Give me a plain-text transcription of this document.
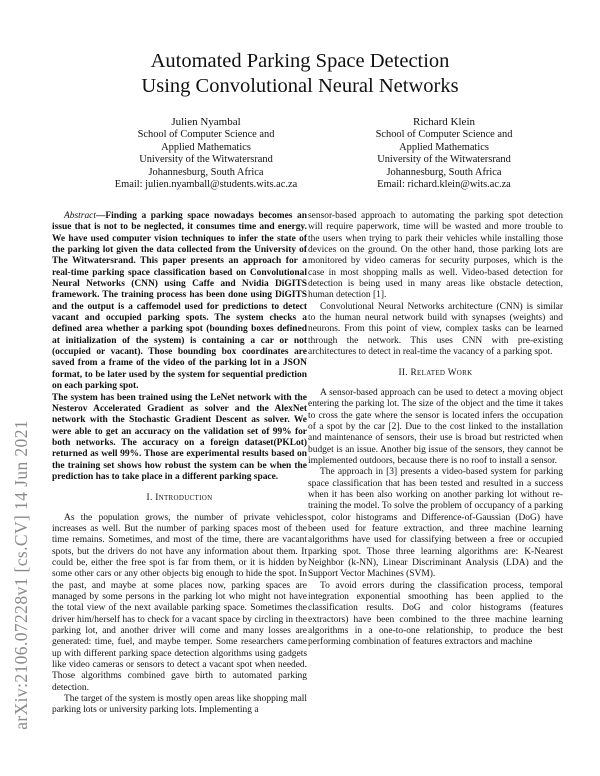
arXiv:2106.07228v1 [cs.CV] 14 Jun 2021
Automated Parking Space Detection
Using Convolutional Neural Networks
Julien Nyambal
School of Computer Science and
Applied Mathematics
University of the Witwatersrand
Johannesburg, South Africa
Email: julien.nyamball@students.wits.ac.za
Richard Klein
School of Computer Science and
Applied Mathematics
University of the Witwatersrand
Johannesburg, South Africa
Email: richard.klein@wits.ac.za

Abstract—Finding a parking space nowadays becomes an issue that is not to be neglected, it consumes time and energy. We have used computer vision techniques to infer the state of the parking lot given the data collected from the University of The Witwatersrand. This paper presents an approach for a real-time parking space classification based on Convolutional Neural Networks (CNN) using Caffe and Nvidia DiGITS framework. The training process has been done using DiGITS and the output is a caffemodel used for predictions to detect vacant and occupied parking spots. The system checks a defined area whether a parking spot (bounding boxes defined at initialization of the system) is containing a car or not (occupied or vacant). Those bounding box coordinates are saved from a frame of the video of the parking lot in a JSON format, to be later used by the system for sequential prediction on each parking spot.

The system has been trained using the LeNet network with the Nesterov Accelerated Gradient as solver and the AlexNet network with the Stochastic Gradient Descent as solver. We were able to get an accuracy on the validation set of 99% for both networks. The accuracy on a foreign dataset(PKLot) returned as well 99%. Those are experimental results based on the training set shows how robust the system can be when the prediction has to take place in a different parking space.

I. Introduction

As the population grows, the number of private vehicles increases as well. But the number of parking spaces most of the time remains. Sometimes, and most of the time, there are vacant spots, but the drivers do not have any information about them. It could be, either the free spot is far from them, or it is hidden by some other cars or any other objects big enough to hide the spot. In the past, and maybe at some places now, parking spaces are managed by some persons in the parking lot who might not have the total view of the next available parking space. Sometimes the driver him/herself has to check for a vacant space by circling in the parking lot, and another driver will come and many losses are generated: time, fuel, and maybe temper. Some researchers came up with different parking space detection algorithms using gadgets like video cameras or sensors to detect a vacant spot when needed. Those algorithms combined gave birth to automated parking detection.

The target of the system is mostly open areas like shopping mall parking lots or university parking lots. Implementing a

sensor-based approach to automating the parking spot detection will require paperwork, time will be wasted and more trouble to the users when trying to park their vehicles while installing those devices on the ground. On the other hand, those parking lots are monitored by video cameras for security purposes, which is the case in most shopping malls as well. Video-based detection for detection is being used in many areas like obstacle detection, human detection [1].

Convolutional Neural Networks architecture (CNN) is similar to the human neural network build with synapses (weights) and neurons. From this point of view, complex tasks can be learned through the network. This uses CNN with pre-existing architectures to detect in real-time the vacancy of a parking spot.

II. Related Work

A sensor-based approach can be used to detect a moving object entering the parking lot. The size of the object and the time it takes to cross the gate where the sensor is located infers the occupation of a spot by the car [2]. Due to the cost linked to the installation and maintenance of sensors, their use is broad but restricted when budget is an issue. Another big issue of the sensors, they cannot be implemented outdoors, because there is no roof to install a sensor.

The approach in [3] presents a video-based system for parking space classification that has been tested and resulted in a success when it has been also working on another parking lot without re-training the model. To solve the problem of occupancy of a parking spot, color histograms and Difference-of-Gaussian (DoG) have been used for feature extraction, and three machine learning algorithms have used for classifying between a free or occupied parking spot. Those three learning algorithms are: K-Nearest Neighbor (k-NN), Linear Discriminant Analysis (LDA) and the Support Vector Machines (SVM).

To avoid errors during the classification process, temporal integration exponential smoothing has been applied to the classification results. DoG and color histograms (features extractors) have been combined to the three machine learning algorithms in a one-to-one relationship, to produce the best performing combination of features extractors and machine
